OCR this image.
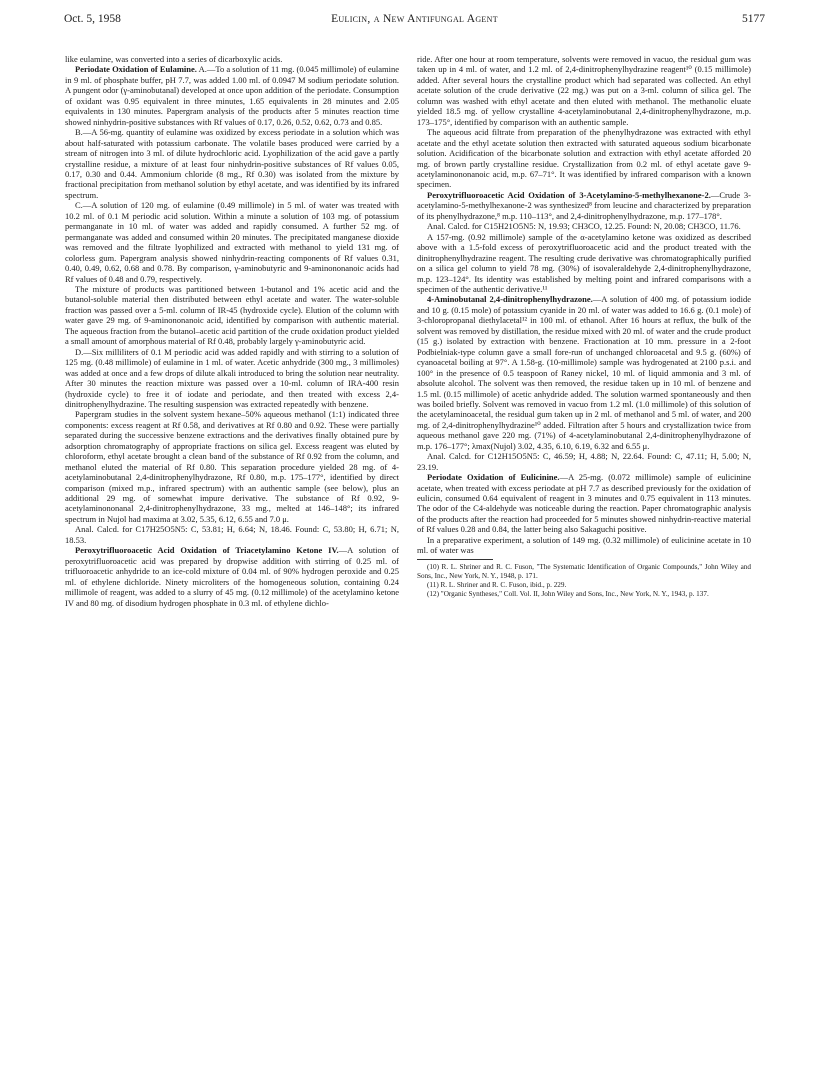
Oct. 5, 1958	Eulicin, a New Antifungal Agent	5177

like eulamine, was converted into a series of dicarboxylic acids.

Periodate Oxidation of Eulamine. A.—To a solution of 11 mg. (0.045 millimole) of eulamine in 9 ml. of phosphate buffer, pH 7.7, was added 1.00 ml. of 0.0947 M sodium periodate solution. A pungent odor (γ-aminobutanal) developed at once upon addition of the periodate. Consumption of oxidant was 0.95 equivalent in three minutes, 1.65 equivalents in 28 minutes and 2.05 equivalents in 130 minutes. Papergram analysis of the products after 5 minutes reaction time showed ninhydrin-positive substances with Rf values of 0.17, 0.26, 0.52, 0.62, 0.73 and 0.85.

B.—A 56-mg. quantity of eulamine was oxidized by excess periodate in a solution which was about half-saturated with potassium carbonate. The volatile bases produced were carried by a stream of nitrogen into 3 ml. of dilute hydrochloric acid. Lyophilization of the acid gave a partly crystalline residue, a mixture of at least four ninhydrin-positive substances of Rf values 0.05, 0.17, 0.30 and 0.44. Ammonium chloride (8 mg., Rf 0.30) was isolated from the mixture by fractional precipitation from methanol solution by ethyl acetate, and was identified by its infrared spectrum.

C.—A solution of 120 mg. of eulamine (0.49 millimole) in 5 ml. of water was treated with 10.2 ml. of 0.1 M periodic acid solution. Within a minute a solution of 103 mg. of potassium permanganate in 10 ml. of water was added and rapidly consumed. A further 52 mg. of permanganate was added and consumed within 20 minutes. The precipitated manganese dioxide was removed and the filtrate lyophilized and extracted with methanol to yield 131 mg. of colorless gum. Papergram analysis showed ninhydrin-reacting components of Rf values 0.31, 0.40, 0.49, 0.62, 0.68 and 0.78. By comparison, γ-aminobutyric and 9-aminononanoic acids had Rf values of 0.48 and 0.79, respectively.

The mixture of products was partitioned between 1-butanol and 1% acetic acid and the butanol-soluble material then distributed between ethyl acetate and water. The water-soluble fraction was passed over a 5-ml. column of IR-45 (hydroxide cycle). Elution of the column with water gave 29 mg. of 9-aminononanoic acid, identified by comparison with authentic material. The aqueous fraction from the butanol–acetic acid partition of the crude oxidation product yielded a small amount of amorphous material of Rf 0.48, probably largely γ-aminobutyric acid.

D.—Six milliliters of 0.1 M periodic acid was added rapidly and with stirring to a solution of 125 mg. (0.48 millimole) of eulamine in 1 ml. of water. Acetic anhydride (300 mg., 3 millimoles) was added at once and a few drops of dilute alkali introduced to bring the solution near neutrality. After 30 minutes the reaction mixture was passed over a 10-ml. column of IRA-400 resin (hydroxide cycle) to free it of iodate and periodate, and then treated with excess 2,4-dinitrophenylhydrazine. The resulting suspension was extracted repeatedly with benzene.

Papergram studies in the solvent system hexane–50% aqueous methanol (1:1) indicated three components: excess reagent at Rf 0.58, and derivatives at Rf 0.80 and 0.92. These were partially separated during the successive benzene extractions and the derivatives finally obtained pure by adsorption chromatography of appropriate fractions on silica gel. Excess reagent was eluted by chloroform, ethyl acetate brought a clean band of the substance of Rf 0.92 from the column, and methanol eluted the material of Rf 0.80. This separation procedure yielded 28 mg. of 4-acetylaminobutanal 2,4-dinitrophenylhydrazone, Rf 0.80, m.p. 175–177°, identified by direct comparison (mixed m.p., infrared spectrum) with an authentic sample (see below), plus an additional 29 mg. of somewhat impure derivative. The substance of Rf 0.92, 9-acetylaminononanal 2,4-dinitrophenylhydrazone, 33 mg., melted at 146–148°; its infrared spectrum in Nujol had maxima at 3.02, 5.35, 6.12, 6.55 and 7.0 μ.

Anal. Calcd. for C17H25O5N5: C, 53.81; H, 6.64; N, 18.46. Found: C, 53.80; H, 6.71; N, 18.53.

Peroxytrifluoroacetic Acid Oxidation of Triacetylamino Ketone IV.—A solution of peroxytrifluoroacetic acid was prepared by dropwise addition with stirring of 0.25 ml. of trifluoroacetic anhydride to an ice-cold mixture of 0.04 ml. of 90% hydrogen peroxide and 0.25 ml. of ethylene dichloride. Ninety microliters of the homogeneous solution, containing 0.24 millimole of reagent, was added to a slurry of 45 mg. (0.12 millimole) of the acetylamino ketone IV and 80 mg. of disodium hydrogen phosphate in 0.3 ml. of ethylene dichlo-

ride. After one hour at room temperature, solvents were removed in vacuo, the residual gum was taken up in 4 ml. of water, and 1.2 ml. of 2,4-dinitrophenylhydrazine reagent¹⁰ (0.15 millimole) added. After several hours the crystalline product which had separated was collected. An ethyl acetate solution of the crude derivative (22 mg.) was put on a 3-ml. column of silica gel. The column was washed with ethyl acetate and then eluted with methanol. The methanolic eluate yielded 18.5 mg. of yellow crystalline 4-acetylaminobutanal 2,4-dinitrophenylhydrazone, m.p. 173–175°, identified by comparison with an authentic sample.

The aqueous acid filtrate from preparation of the phenylhydrazone was extracted with ethyl acetate and the ethyl acetate solution then extracted with saturated aqueous sodium bicarbonate solution. Acidification of the bicarbonate solution and extraction with ethyl acetate afforded 20 mg. of brown partly crystalline residue. Crystallization from 0.2 ml. of ethyl acetate gave 9-acetylaminononanoic acid, m.p. 67–71°. It was identified by infrared comparison with a known specimen.

Peroxytrifluoroacetic Acid Oxidation of 3-Acetylamino-5-methylhexanone-2.—Crude 3-acetylamino-5-methylhexanone-2 was synthesized⁸ from leucine and characterized by preparation of its phenylhydrazone,⁸ m.p. 110–113°, and 2,4-dinitrophenylhydrazone, m.p. 177–178°.

Anal. Calcd. for C15H21O5N5: N, 19.93; CH3CO, 12.25. Found: N, 20.08; CH3CO, 11.76.

A 157-mg. (0.92 millimole) sample of the α-acetylamino ketone was oxidized as described above with a 1.5-fold excess of peroxytrifluoroacetic acid and the product treated with the dinitrophenylhydrazine reagent. The resulting crude derivative was chromatographically purified on a silica gel column to yield 78 mg. (30%) of isovaleraldehyde 2,4-dinitrophenylhydrazone, m.p. 123–124°. Its identity was established by melting point and infrared comparisons with a specimen of the authentic derivative.¹¹

4-Aminobutanal 2,4-dinitrophenylhydrazone.—A solution of 400 mg. of potassium iodide and 10 g. (0.15 mole) of potassium cyanide in 20 ml. of water was added to 16.6 g. (0.1 mole) of 3-chloropropanal diethylacetal¹² in 100 ml. of ethanol. After 16 hours at reflux, the bulk of the solvent was removed by distillation, the residue mixed with 20 ml. of water and the crude product (15 g.) isolated by extraction with benzene. Fractionation at 10 mm. pressure in a 2-foot Podbielniak-type column gave a small fore-run of unchanged chloroacetal and 9.5 g. (60%) of cyanoacetal boiling at 97°. A 1.58-g. (10-millimole) sample was hydrogenated at 2100 p.s.i. and 100° in the presence of 0.5 teaspoon of Raney nickel, 10 ml. of liquid ammonia and 3 ml. of absolute alcohol. The solvent was then removed, the residue taken up in 10 ml. of benzene and 1.5 ml. (0.15 millimole) of acetic anhydride added. The solution warmed spontaneously and then was boiled briefly. Solvent was removed in vacuo from 1.2 ml. (1.0 millimole) of this solution of the acetylaminoacetal, the residual gum taken up in 2 ml. of methanol and 5 ml. of water, and 200 mg. of 2,4-dinitrophenylhydrazine¹⁰ added. Filtration after 5 hours and crystallization twice from aqueous methanol gave 220 mg. (71%) of 4-acetylaminobutanal 2,4-dinitrophenylhydrazone of m.p. 176–177°; λmax(Nujol) 3.02, 4.35, 6.10, 6.19, 6.32 and 6.55 μ.

Anal. Calcd. for C12H15O5N5: C, 46.59; H, 4.88; N, 22.64. Found: C, 47.11; H, 5.00; N, 23.19.

Periodate Oxidation of Eulicinine.—A 25-mg. (0.072 millimole) sample of eulicinine acetate, when treated with excess periodate at pH 7.7 as described previously for the oxidation of eulicin, consumed 0.64 equivalent of reagent in 3 minutes and 0.75 equivalent in 113 minutes. The odor of the C4-aldehyde was noticeable during the reaction. Paper chromatographic analysis of the products after the reaction had proceeded for 5 minutes showed ninhydrin-reactive material of Rf values 0.28 and 0.84, the latter being also Sakaguchi positive.

In a preparative experiment, a solution of 149 mg. (0.32 millimole) of eulicinine acetate in 10 ml. of water was

(10) R. L. Shriner and R. C. Fuson, "The Systematic Identification of Organic Compounds," John Wiley and Sons, Inc., New York, N. Y., 1948, p. 171.

(11) R. L. Shriner and R. C. Fuson, ibid., p. 229.

(12) "Organic Syntheses," Coll. Vol. II, John Wiley and Sons, Inc., New York, N. Y., 1943, p. 137.
